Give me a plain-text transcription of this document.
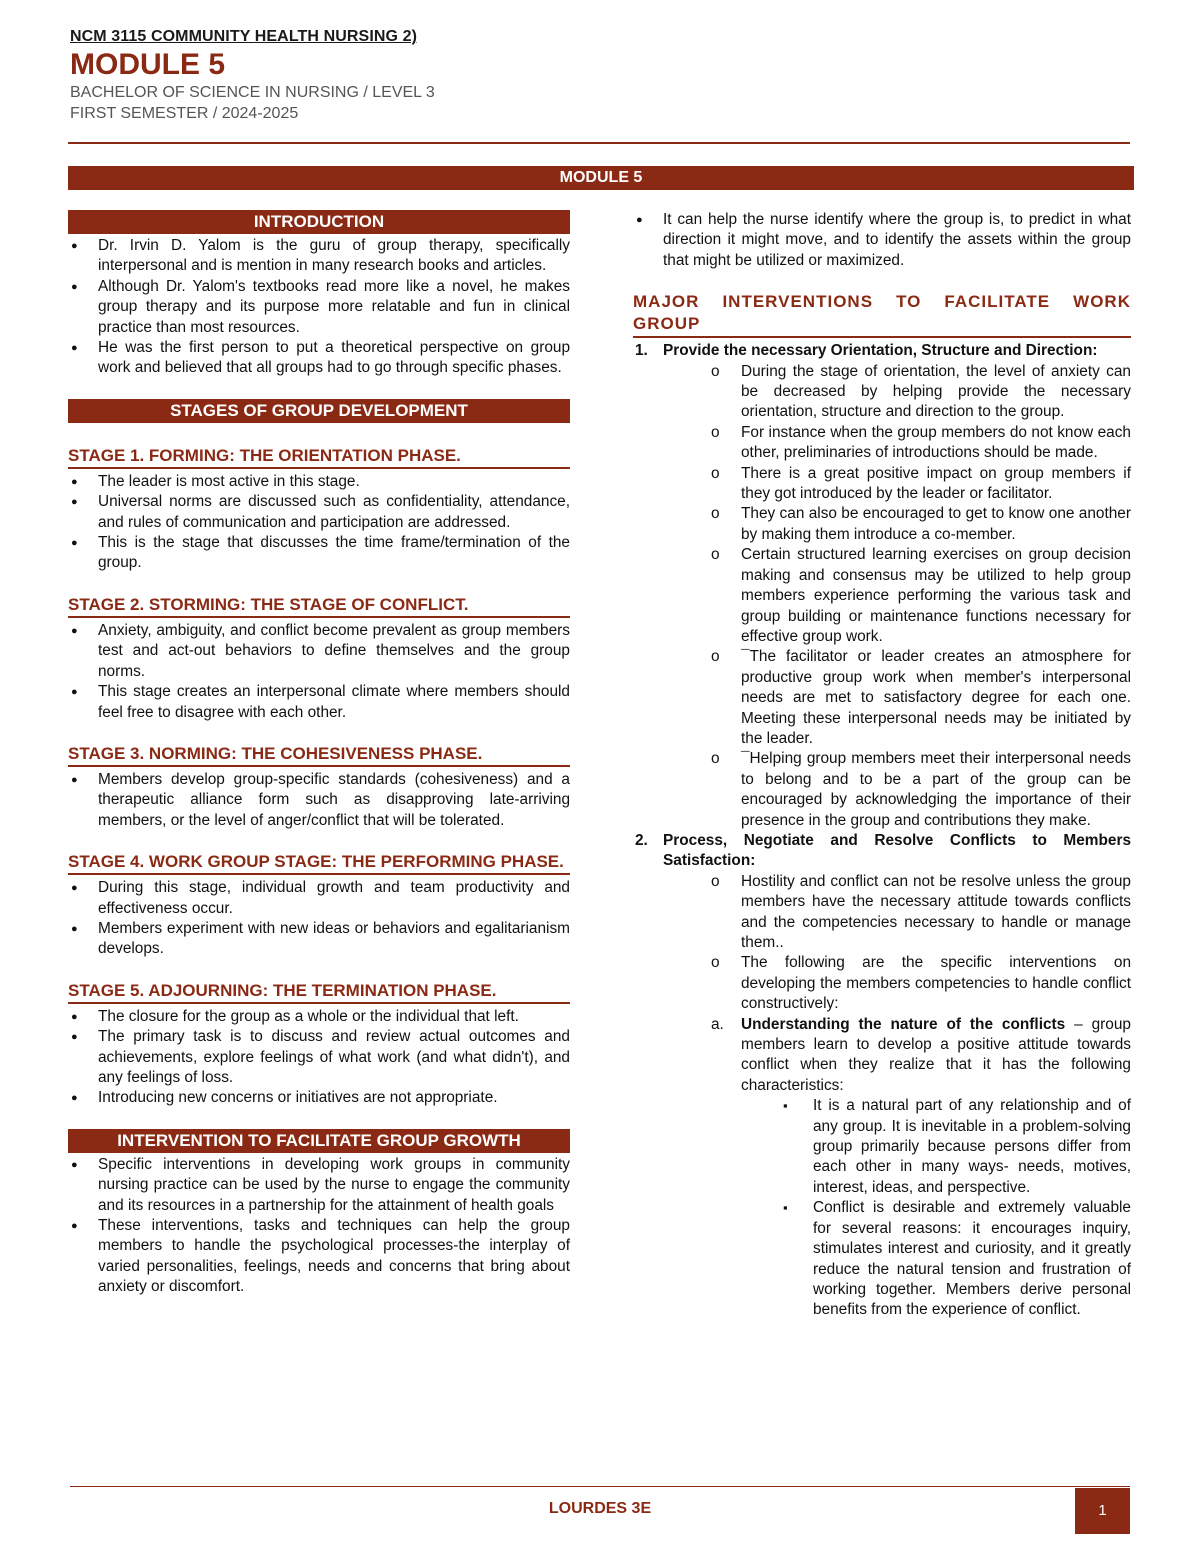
NCM 3115 COMMUNITY HEALTH NURSING 2)
MODULE 5
BACHELOR OF SCIENCE IN NURSING / LEVEL 3
FIRST SEMESTER / 2024-2025
MODULE 5
INTRODUCTION
● Dr. Irvin D. Yalom is the guru of group therapy, specifically interpersonal and is mention in many research books and articles.
● Although Dr. Yalom's textbooks read more like a novel, he makes group therapy and its purpose more relatable and fun in clinical practice than most resources.
● He was the first person to put a theoretical perspective on group work and believed that all groups had to go through specific phases.
STAGES OF GROUP DEVELOPMENT
STAGE 1. FORMING: THE ORIENTATION PHASE.
● The leader is most active in this stage.
● Universal norms are discussed such as confidentiality, attendance, and rules of communication and participation are addressed.
● This is the stage that discusses the time frame/termination of the group.
STAGE 2. STORMING: THE STAGE OF CONFLICT.
● Anxiety, ambiguity, and conflict become prevalent as group members test and act-out behaviors to define themselves and the group norms.
● This stage creates an interpersonal climate where members should feel free to disagree with each other.
STAGE 3. NORMING: THE COHESIVENESS PHASE.
● Members develop group-specific standards (cohesiveness) and a therapeutic alliance form such as disapproving late-arriving members, or the level of anger/conflict that will be tolerated.
STAGE 4. WORK GROUP STAGE: THE PERFORMING PHASE.
● During this stage, individual growth and team productivity and effectiveness occur.
● Members experiment with new ideas or behaviors and egalitarianism develops.
STAGE 5. ADJOURNING: THE TERMINATION PHASE.
● The closure for the group as a whole or the individual that left.
● The primary task is to discuss and review actual outcomes and achievements, explore feelings of what work (and what didn't), and any feelings of loss.
● Introducing new concerns or initiatives are not appropriate.
INTERVENTION TO FACILITATE GROUP GROWTH
● Specific interventions in developing work groups in community nursing practice can be used by the nurse to engage the community and its resources in a partnership for the attainment of health goals
● These interventions, tasks and techniques can help the group members to handle the psychological processes-the interplay of varied personalities, feelings, needs and concerns that bring about anxiety or discomfort.
● It can help the nurse identify where the group is, to predict in what direction it might move, and to identify the assets within the group that might be utilized or maximized.
MAJOR INTERVENTIONS TO FACILITATE WORK GROUP
1. Provide the necessary Orientation, Structure and Direction:
o During the stage of orientation, the level of anxiety can be decreased by helping provide the necessary orientation, structure and direction to the group.
o For instance when the group members do not know each other, preliminaries of introductions should be made.
o There is a great positive impact on group members if they got introduced by the leader or facilitator.
o They can also be encouraged to get to know one another by making them introduce a co-member.
o Certain structured learning exercises on group decision making and consensus may be utilized to help group members experience performing the various task and group building or maintenance functions necessary for effective group work.
o ¯The facilitator or leader creates an atmosphere for productive group work when member's interpersonal needs are met to satisfactory degree for each one. Meeting these interpersonal needs may be initiated by the leader.
o ¯Helping group members meet their interpersonal needs to belong and to be a part of the group can be encouraged by acknowledging the importance of their presence in the group and contributions they make.
2. Process, Negotiate and Resolve Conflicts to Members Satisfaction:
o Hostility and conflict can not be resolve unless the group members have the necessary attitude towards conflicts and the competencies necessary to handle or manage them..
o The following are the specific interventions on developing the members competencies to handle conflict constructively:
a. Understanding the nature of the conflicts – group members learn to develop a positive attitude towards conflict when they realize that it has the following characteristics:
▪ It is a natural part of any relationship and of any group. It is inevitable in a problem-solving group primarily because persons differ from each other in many ways- needs, motives, interest, ideas, and perspective.
▪ Conflict is desirable and extremely valuable for several reasons: it encourages inquiry, stimulates interest and curiosity, and it greatly reduce the natural tension and frustration of working together. Members derive personal benefits from the experience of conflict.
LOURDES 3E	1
